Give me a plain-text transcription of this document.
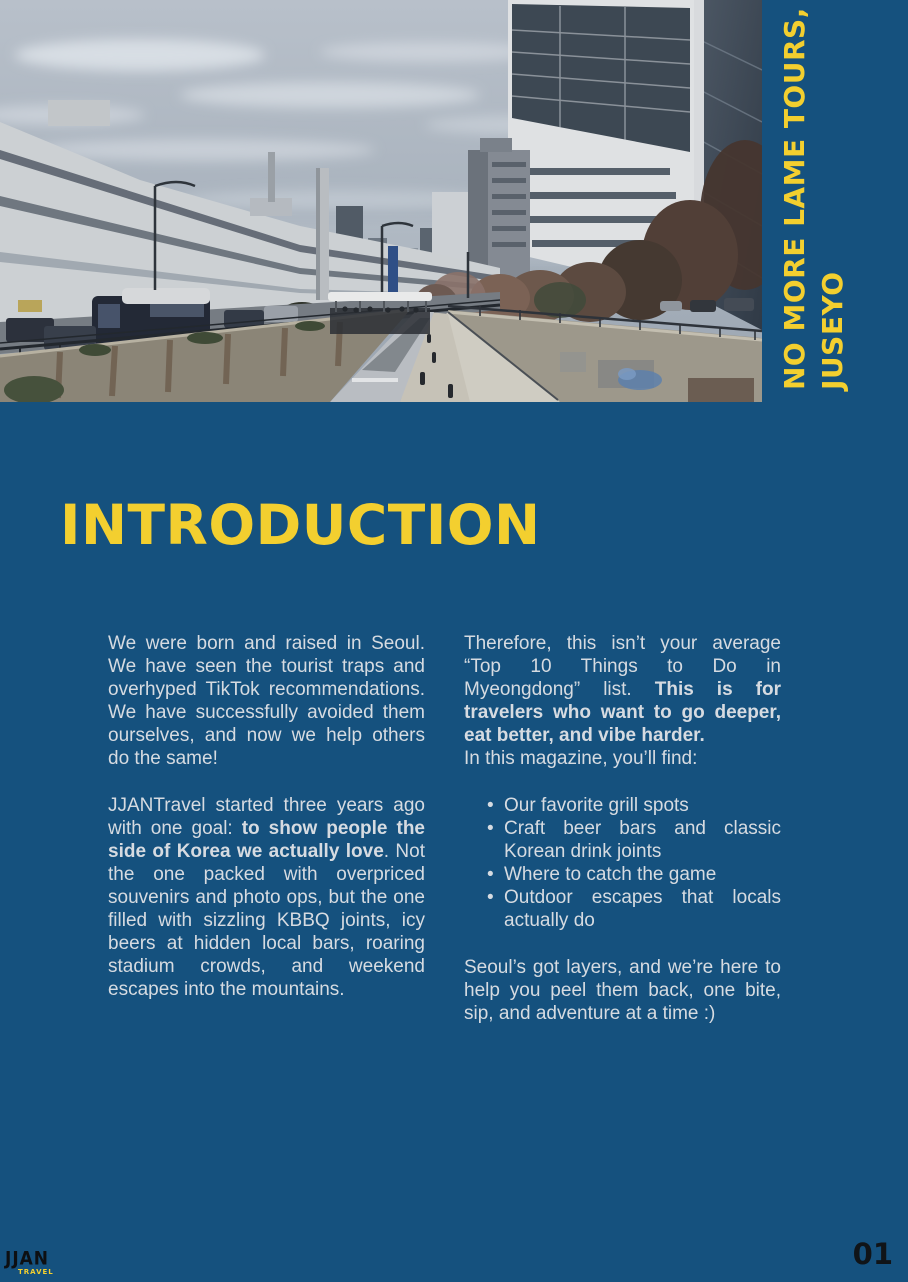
NO MORE LAME TOURS, JUSEYO
INTRODUCTION

We were born and raised in Seoul. We have seen the tourist traps and overhyped TikTok recommendations. We have successfully avoided them ourselves, and now we help others do the same!

JJANTravel started three years ago with one goal: to show people the side of Korea we actually love. Not the one packed with overpriced souvenirs and photo ops, but the one filled with sizzling KBBQ joints, icy beers at hidden local bars, roaring stadium crowds, and weekend escapes into the mountains.

Therefore, this isn’t your average “Top 10 Things to Do in Myeongdong” list. This is for travelers who want to go deeper, eat better, and vibe harder.

In this magazine, you’ll find:

• Our favorite grill spots
• Craft beer bars and classic Korean drink joints
• Where to catch the game
• Outdoor escapes that locals actually do

Seoul’s got layers, and we’re here to help you peel them back, one bite, sip, and adventure at a time :)

JJAN
TRAVEL
01
